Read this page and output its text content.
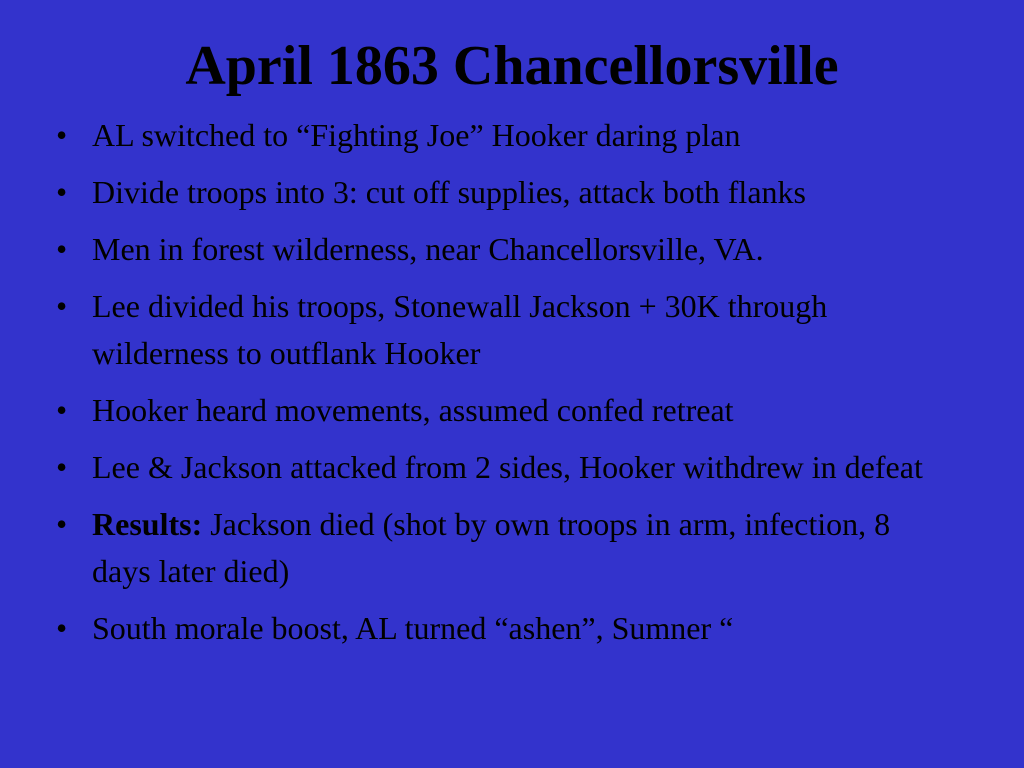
April 1863 Chancellorsville
• AL switched to “Fighting Joe” Hooker daring plan
• Divide troops into 3: cut off supplies, attack both flanks
• Men in forest wilderness, near Chancellorsville, VA.
• Lee divided his troops, Stonewall Jackson + 30K through wilderness to outflank Hooker
• Hooker heard movements, assumed confed retreat
• Lee & Jackson attacked from 2 sides, Hooker withdrew in defeat
• Results: Jackson died (shot by own troops in arm, infection, 8 days later died)
• South morale boost, AL turned “ashen”, Sumner “
